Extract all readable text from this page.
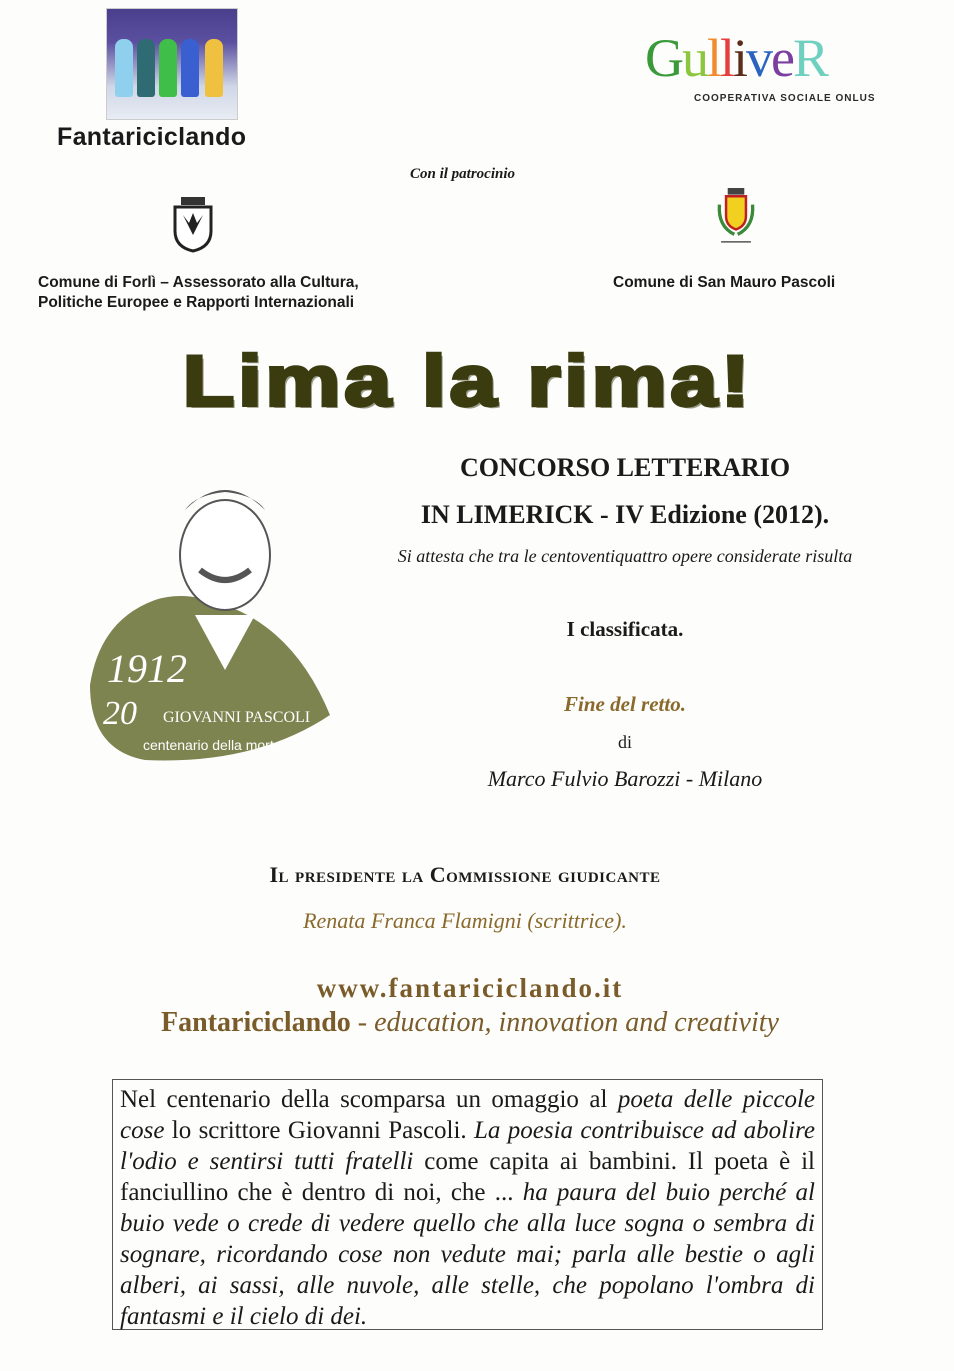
Fantariciclando
GulliveR
COOPERATIVA SOCIALE ONLUS
Con il patrocinio
Comune di Forlì – Assessorato alla Cultura,
Politiche Europee e Rapporti Internazionali
Comune di San Mauro Pascoli
Lima la rima!
CONCORSO LETTERARIO
IN LIMERICK - IV Edizione (2012).
Si attesta che tra le centoventiquattro opere considerate risulta
I classificata.
Fine del retto.
di
Marco Fulvio Barozzi - Milano
1912
20 GIOVANNI PASCOLI
centenario della morte
Il presidente la Commissione giudicante
Renata Franca Flamigni (scrittrice).
www.fantariciclando.it
Fantariciclando - education, innovation and creativity
Nel centenario della scomparsa un omaggio al poeta delle piccole cose lo scrittore Giovanni Pascoli. La poesia contribuisce ad abolire l'odio e sentirsi tutti fratelli come capita ai bambini. Il poeta è il fanciullino che è dentro di noi, che ... ha paura del buio perché al buio vede o crede di vedere quello che alla luce sogna o sembra di sognare, ricordando cose non vedute mai; parla alle bestie o agli alberi, ai sassi, alle nuvole, alle stelle, che popolano l'ombra di fantasmi e il cielo di dei.
